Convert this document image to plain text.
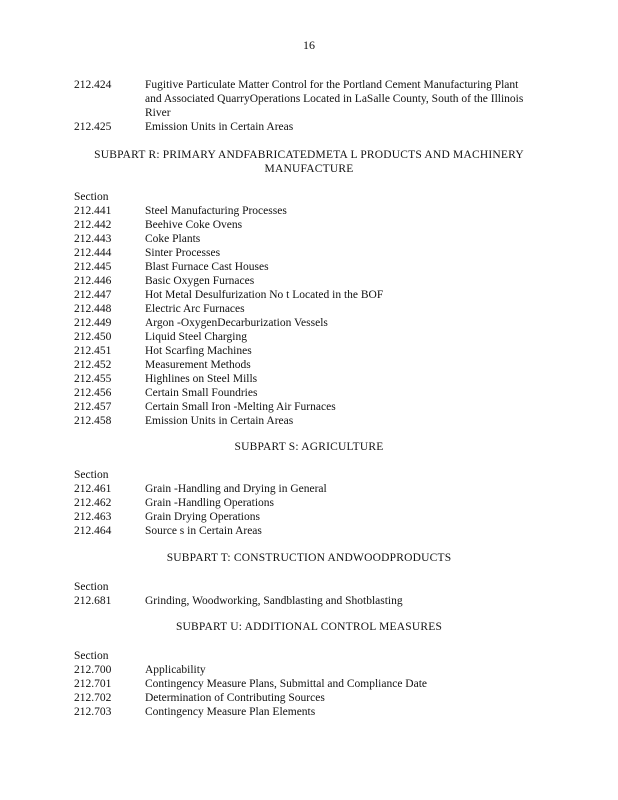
16
212.424	Fugitive Particulate Matter Control for the Portland Cement Manufacturing Plant and Associated QuarryOperations Located in LaSalle County, South of the Illinois River
212.425	Emission Units in Certain Areas
SUBPART R: PRIMARY ANDFABRICATEDMETA L PRODUCTS AND MACHINERY MANUFACTURE
Section
212.441	Steel Manufacturing Processes
212.442	Beehive Coke Ovens
212.443	Coke Plants
212.444	Sinter Processes
212.445	Blast Furnace Cast Houses
212.446	Basic Oxygen Furnaces
212.447	Hot Metal Desulfurization No t Located in the BOF
212.448	Electric Arc Furnaces
212.449	Argon -OxygenDecarburization Vessels
212.450	Liquid Steel Charging
212.451	Hot Scarfing Machines
212.452	Measurement Methods
212.455	Highlines on Steel Mills
212.456	Certain Small Foundries
212.457	Certain Small Iron -Melting Air Furnaces
212.458	Emission Units in Certain Areas
SUBPART S: AGRICULTURE
Section
212.461	Grain -Handling and Drying in General
212.462	Grain -Handling Operations
212.463	Grain Drying Operations
212.464	Source s in Certain Areas
SUBPART T: CONSTRUCTION ANDWOODPRODUCTS
Section
212.681	Grinding, Woodworking, Sandblasting and Shotblasting
SUBPART U: ADDITIONAL CONTROL MEASURES
Section
212.700	Applicability
212.701	Contingency Measure Plans, Submittal and Compliance Date
212.702	Determination of Contributing Sources
212.703	Contingency Measure Plan Elements
